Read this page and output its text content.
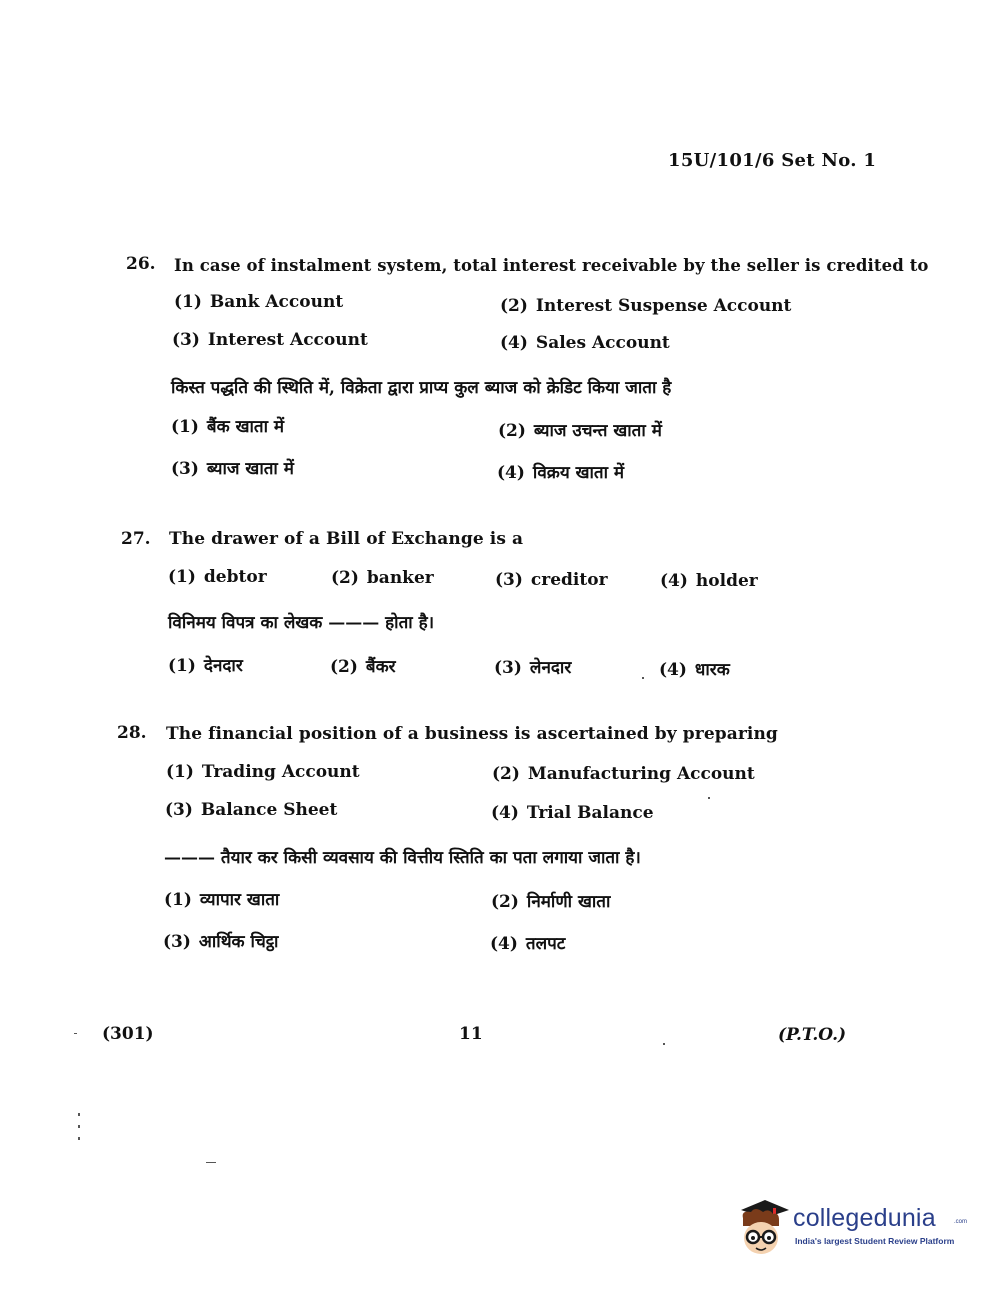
15U/101/6 Set No. 1
26. In case of instalment system, total interest receivable by the seller is credited to
(1) Bank Account	(2) Interest Suspense Account
(3) Interest Account	(4) Sales Account
किस्त पद्धति की स्थिति में, विक्रेता द्वारा प्राप्य कुल ब्याज को क्रेडिट किया जाता है
(1) बैंक खाता में	(2) ब्याज उचन्त खाता में
(3) ब्याज खाता में	(4) विक्रय खाता में
27. The drawer of a Bill of Exchange is a
(1) debtor	(2) banker	(3) creditor	(4) holder
विनिमय विपत्र का लेखक ——— होता है।
(1) देनदार	(2) बैंकर	(3) लेनदार	(4) धारक
28. The financial position of a business is ascertained by preparing
(1) Trading Account	(2) Manufacturing Account
(3) Balance Sheet	(4) Trial Balance
——— तैयार कर किसी व्यवसाय की वित्तीय स्तिति का पता लगाया जाता है।
(1) व्यापार खाता	(2) निर्माणी खाता
(3) आर्थिक चिट्ठा	(4) तलपट
(301)	11	(P.T.O.)
collegedunia	.com
India's largest Student Review Platform
